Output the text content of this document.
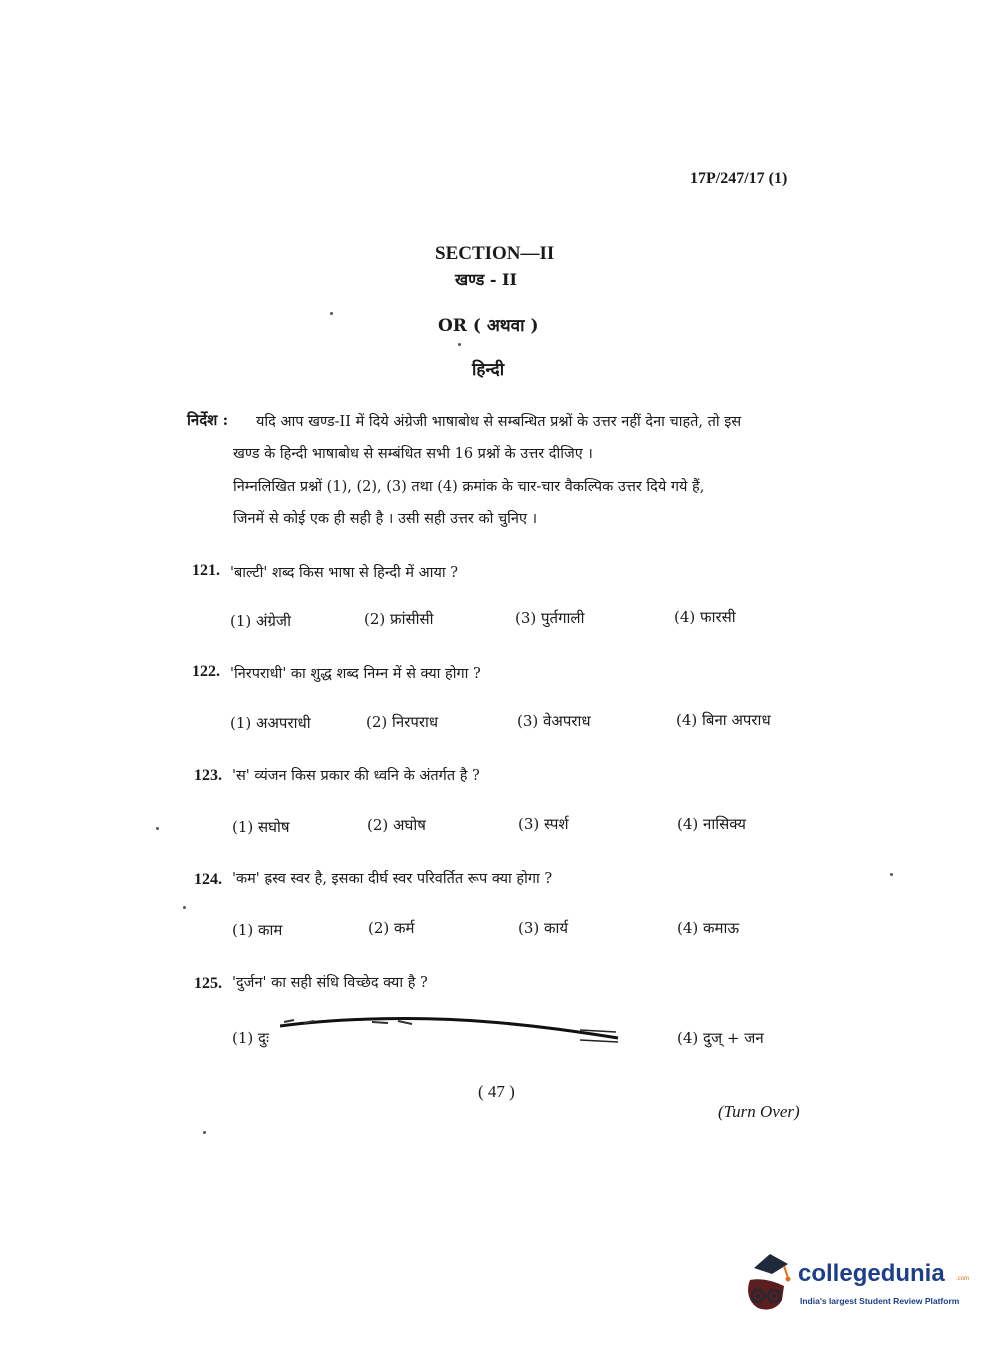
17P/247/17 (1)
SECTION—II
खण्ड - II
OR ( अथवा )
हिन्दी
निर्देश : यदि आप खण्ड-II में दिये अंग्रेजी भाषाबोध से सम्बन्धित प्रश्नों के उत्तर नहीं देना चाहते, तो इस
खण्ड के हिन्दी भाषाबोध से सम्बंधित सभी 16 प्रश्नों के उत्तर दीजिए ।
निम्नलिखित प्रश्नों (1), (2), (3) तथा (4) क्रमांक के चार-चार वैकल्पिक उत्तर दिये गये हैं,
जिनमें से कोई एक ही सही है । उसी सही उत्तर को चुनिए ।
121. 'बाल्टी' शब्द किस भाषा से हिन्दी में आया ?
(1) अंग्रेजी	(2) फ्रांसीसी	(3) पुर्तगाली	(4) फारसी
122. 'निरपराधी' का शुद्ध शब्द निम्न में से क्या होगा ?
(1) अअपराधी	(2) निरपराध	(3) वेअपराध	(4) बिना अपराध
123. 'स' व्यंजन किस प्रकार की ध्वनि के अंतर्गत है ?
(1) सघोष	(2) अघोष	(3) स्पर्श	(4) नासिक्य
124. 'कम' ह्रस्व स्वर है, इसका दीर्घ स्वर परिवर्तित रूप क्या होगा ?
(1) काम	(2) कर्म	(3) कार्य	(4) कमाऊ
125. 'दुर्जन' का सही संधि विच्छेद क्या है ?
(1) दुः	(4) दुज् + जन
( 47 )
(Turn Over)
collegedunia .com
India's largest Student Review Platform
